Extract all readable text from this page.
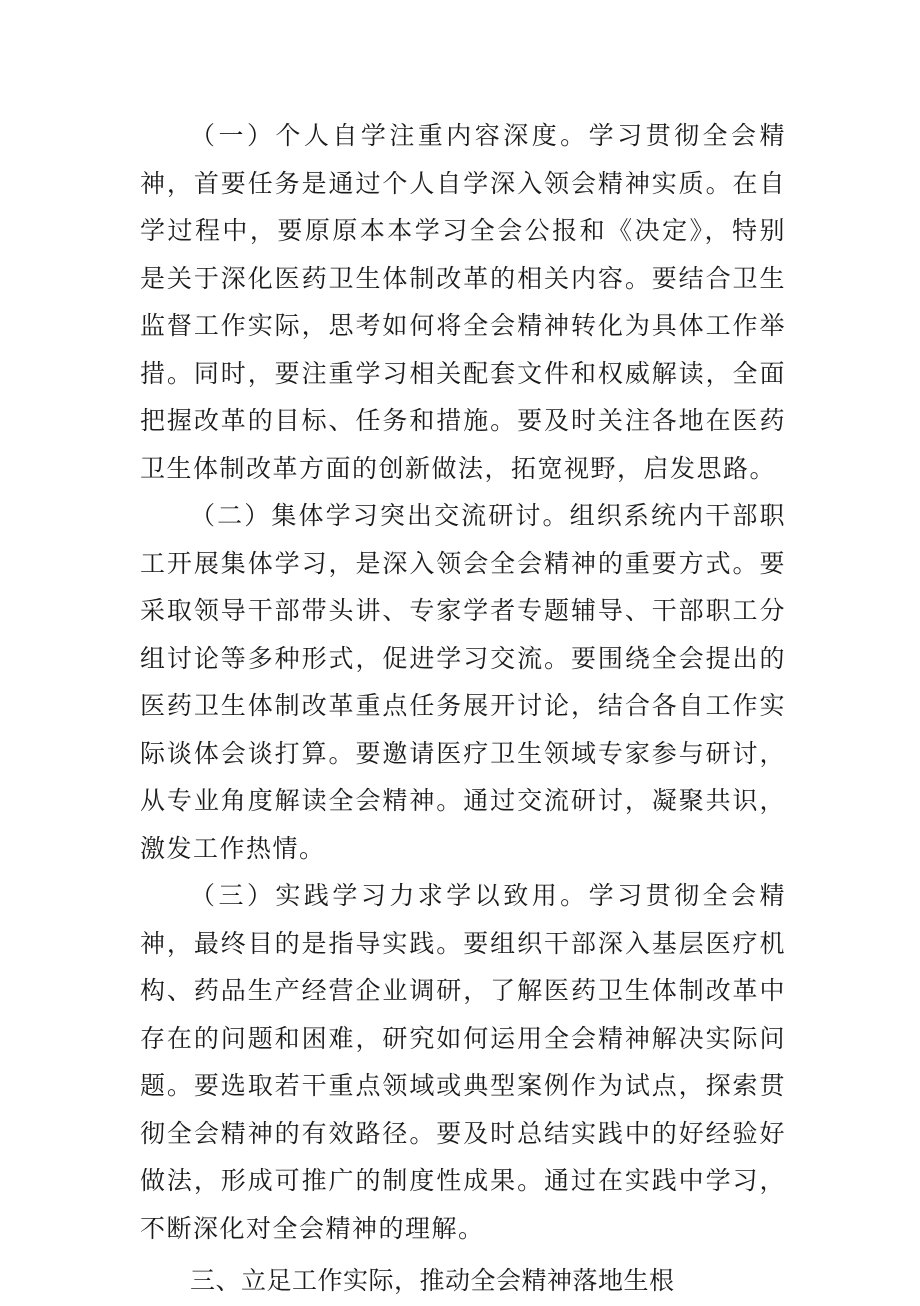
（一）个人自学注重内容深度。学习贯彻全会精神，首要任务是通过个人自学深入领会精神实质。在自学过程中，要原原本本学习全会公报和《决定》，特别是关于深化医药卫生体制改革的相关内容。要结合卫生监督工作实际，思考如何将全会精神转化为具体工作举措。同时，要注重学习相关配套文件和权威解读，全面把握改革的目标、任务和措施。要及时关注各地在医药卫生体制改革方面的创新做法，拓宽视野，启发思路。

（二）集体学习突出交流研讨。组织系统内干部职工开展集体学习，是深入领会全会精神的重要方式。要采取领导干部带头讲、专家学者专题辅导、干部职工分组讨论等多种形式，促进学习交流。要围绕全会提出的医药卫生体制改革重点任务展开讨论，结合各自工作实际谈体会谈打算。要邀请医疗卫生领域专家参与研讨，从专业角度解读全会精神。通过交流研讨，凝聚共识，激发工作热情。

（三）实践学习力求学以致用。学习贯彻全会精神，最终目的是指导实践。要组织干部深入基层医疗机构、药品生产经营企业调研，了解医药卫生体制改革中存在的问题和困难，研究如何运用全会精神解决实际问题。要选取若干重点领域或典型案例作为试点，探索贯彻全会精神的有效路径。要及时总结实践中的好经验好做法，形成可推广的制度性成果。通过在实践中学习，不断深化对全会精神的理解。

三、立足工作实际，推动全会精神落地生根
